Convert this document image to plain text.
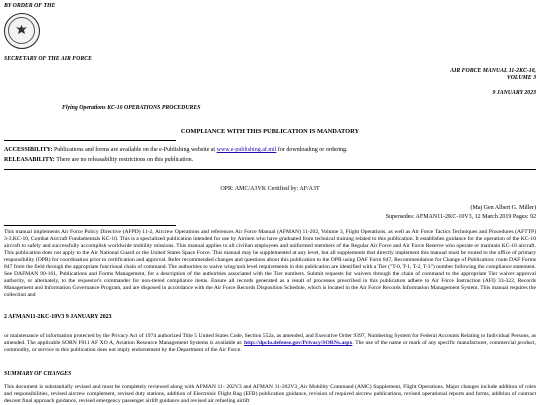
BY ORDER OF THE
SECRETARY OF THE AIR FORCE
AIR FORCE MANUAL 11-2KC-10,
VOLUME 3
9 JANUARY 2023
Flying Operations KC-10 OPERATIONS PROCEDURES
COMPLIANCE WITH THIS PUBLICATION IS MANDATORY
ACCESSIBILITY: Publications and forms are available on the e-Publishing website at www.e-publishing.af.mil for downloading or ordering.
RELEASABILITY: There are no releasability restrictions on this publication.
OPR: AMC/A3VK Certified by: AF/A3T
(Maj Gen Albert G. Miller)
Supersedes: AFMAN11-2KC-10V3, 12 March 2019 Pages: 92
This manual implements Air Force Policy Directive (AFPD) 11-2, Aircrew Operations and references Air Force Manual (AFMAN) 11-202, Volume 3, Flight Operations, as well as Air Force Tactics Techniques and Procedures (AFTTP) 3-3.KC-10, Combat Aircraft Fundamentals KC-10. This is a specialized publication intended for use by Airmen who have graduated from technical training related to this publication. It establishes guidance for the operation of the KC-10 aircraft to safely and successfully accomplish worldwide mobility missions. This manual applies to all civilian employees and uniformed members of the Regular Air Force and Air Force Reserve who operate or maintain KC-10 aircraft. This publication does not apply to the Air National Guard or the United States Space Force. This manual may be supplemented at any level, but all supplements that directly implement this manual must be routed to the office of primary responsibility (OPR) for coordination prior to certification and approval. Refer recommended changes and questions about this publication to the OPR using DAF Form 847, Recommendation for Change of Publication; route DAF Forms 847 from the field through the appropriate functional chain of command. The authorities to waive wing/unit level requirements in this publication are identified with a Tier ("T-0, T-1, T-2, T-3") number following the compliance statement. See DAFMAN 90-161, Publications and Forms Management, for a description of the authorities associated with the Tier numbers. Submit requests for waivers through the chain of command to the appropriate Tier waiver approval authority, or alternately, to the requestor's commander for non-tiered compliance items. Ensure all records generated as a result of processes prescribed in this publication adhere to Air Force Instruction (AFI) 33-322, Records Management and Information Governance Program, and are disposed in accordance with the Air Force Records Disposition Schedule, which is located in the Air Force Records Information Management System. This manual requires the collection and
2 AFMAN11-2KC-10V3 9 JANUARY 2023
or maintenance of information protected by the Privacy Act of 1974 authorized Title 5 United States Code, Section 552a, as amended, and Executive Order 9397, Numbering System for Federal Accounts Relating to Individual Persons, as amended. The applicable SORN F011 AF XO A, Aviation Resource Management Systems is available at: http://dpclo.defense.gov/Privacy/SORNs.aspx. The use of the name or mark of any specific manufacturer, commercial product, commodity, or service in this publication does not imply endorsement by the Department of the Air Force.
SUMMARY OF CHANGES
This document is substantially revised and must be completely reviewed along with AFMAN 11- 202V3 and AFMAN 11-202V3_Air Mobility Command (AMC) Supplement, Flight Operations. Major changes include addition of roles and responsibilities, revised aircrew complement, revised duty stations, addition of Electronic Flight Bag (EFB) publication guidance, revision of required aircrew publications, revised operational reports and forms, addition of contract descent final approach guidance, revised emergency passenger airlift guidance and revised air refueling airlift
